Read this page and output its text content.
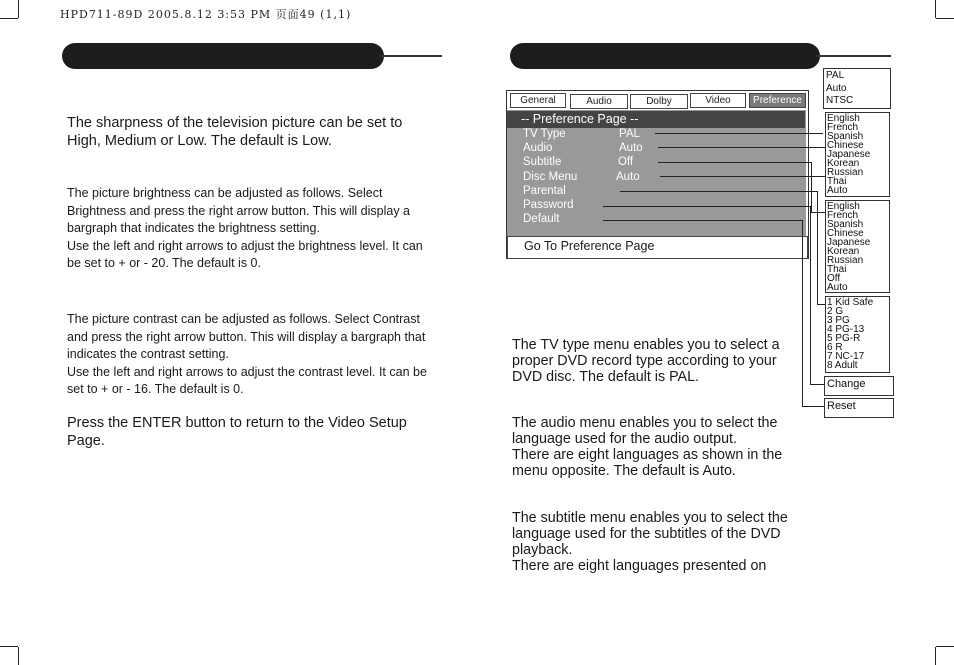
HPD711-89D 2005.8.12 3:53 PM 页面49 (1,1)

The sharpness of the television picture can be set to High, Medium or Low. The default is Low.

The picture brightness can be adjusted as follows. Select Brightness and press the right arrow button. This will display a bargraph that indicates the brightness setting.

Use the left and right arrows to adjust the brightness level. It can be set to + or - 20. The default is 0.

The picture contrast can be adjusted as follows. Select Contrast and press the right arrow button. This will display a bargraph that indicates the contrast setting.

Use the left and right arrows to adjust the contrast level. It can be set to + or - 16. The default is 0.

Press the ENTER button to return to the Video Setup Page.

General	Audio	Dolby	Video	Preference
-- Preference Page --
TV Type	PAL
Audio	Auto
Subtitle	Off
Disc Menu	Auto
Parental
Password
Default
Go To Preference Page
PAL
Auto
NTSC
English
French
Spanish
Chinese
Japanese
Korean
Russian
Thai
Auto
English
French
Spanish
Chinese
Japanese
Korean
Russian
Thai
Off
Auto
1 Kid Safe
2 G
3 PG
4 PG-13
5 PG-R
6 R
7 NC-17
8 Adult
Change
Reset

The TV type menu enables you to select a proper DVD record type according to your DVD disc. The default is PAL.

The audio menu enables you to select the language used for the audio output.

There are eight languages as shown in the menu opposite. The default is Auto.

The subtitle menu enables you to select the language used for the subtitles of the DVD playback.

There are eight languages presented on
